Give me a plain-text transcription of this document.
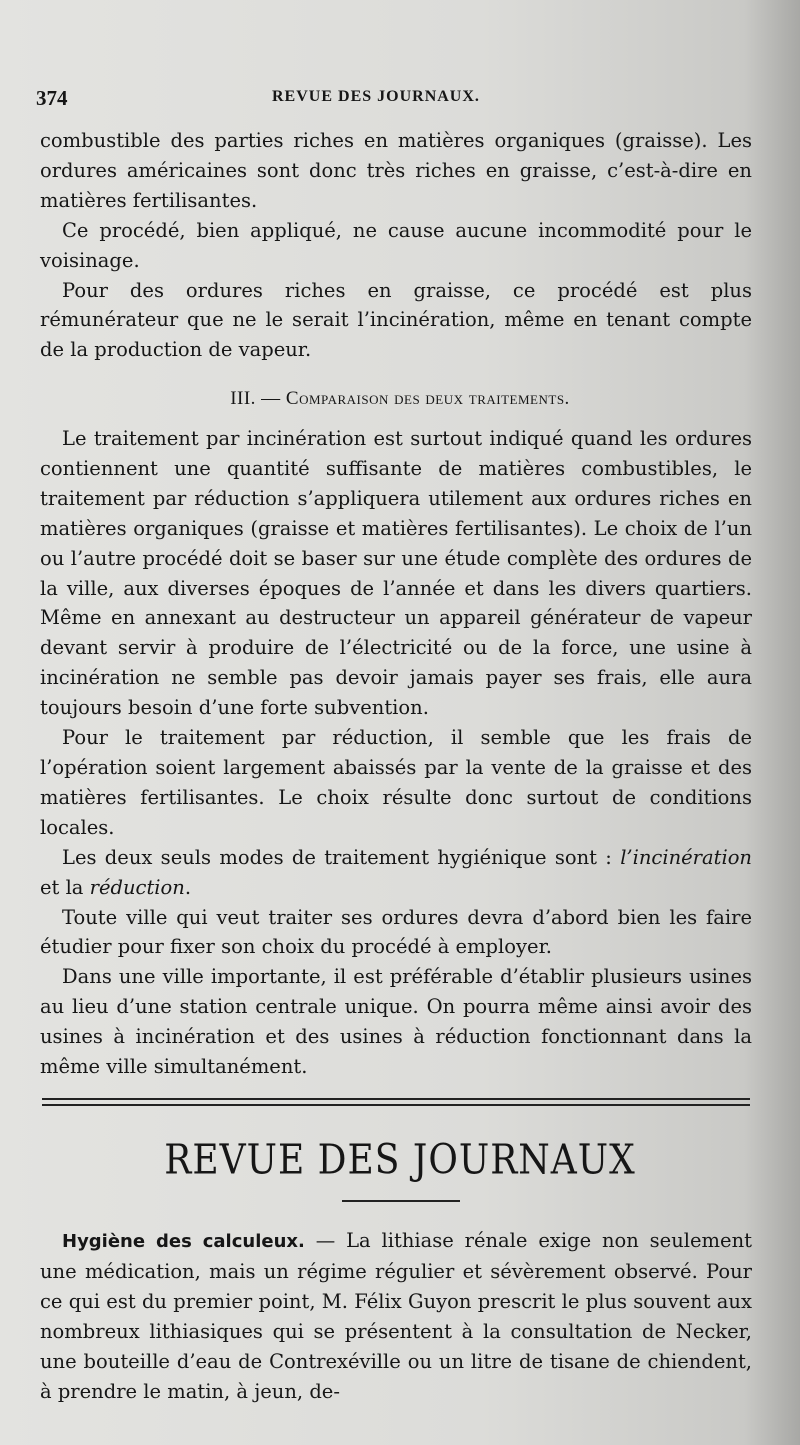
374	REVUE DES JOURNAUX.

combustible des parties riches en matières organiques (graisse). Les ordures américaines sont donc très riches en graisse, c’est-à-dire en matières fertilisantes.

Ce procédé, bien appliqué, ne cause aucune incommodité pour le voisinage.

Pour des ordures riches en graisse, ce procédé est plus rémunérateur que ne le serait l’incinération, même en tenant compte de la production de vapeur.

III. — Comparaison des deux traitements.

Le traitement par incinération est surtout indiqué quand les ordures contiennent une quantité suffisante de matières combustibles, le traitement par réduction s’appliquera utilement aux ordures riches en matières organiques (graisse et matières fertilisantes). Le choix de l’un ou l’autre procédé doit se baser sur une étude complète des ordures de la ville, aux diverses époques de l’année et dans les divers quartiers. Même en annexant au destructeur un appareil générateur de vapeur devant servir à produire de l’électricité ou de la force, une usine à incinération ne semble pas devoir jamais payer ses frais, elle aura toujours besoin d’une forte subvention.

Pour le traitement par réduction, il semble que les frais de l’opération soient largement abaissés par la vente de la graisse et des matières fertilisantes. Le choix résulte donc surtout de conditions locales.

Les deux seuls modes de traitement hygiénique sont : l’incinération et la réduction.

Toute ville qui veut traiter ses ordures devra d’abord bien les faire étudier pour fixer son choix du procédé à employer.

Dans une ville importante, il est préférable d’établir plusieurs usines au lieu d’une station centrale unique. On pourra même ainsi avoir des usines à incinération et des usines à réduction fonctionnant dans la même ville simultanément.

REVUE DES JOURNAUX

Hygiène des calculeux. — La lithiase rénale exige non seulement une médication, mais un régime régulier et sévèrement observé. Pour ce qui est du premier point, M. Félix Guyon prescrit le plus souvent aux nombreux lithiasiques qui se présentent à la consultation de Necker, une bouteille d’eau de Contrexéville ou un litre de tisane de chiendent, à prendre le matin, à jeun, de-
